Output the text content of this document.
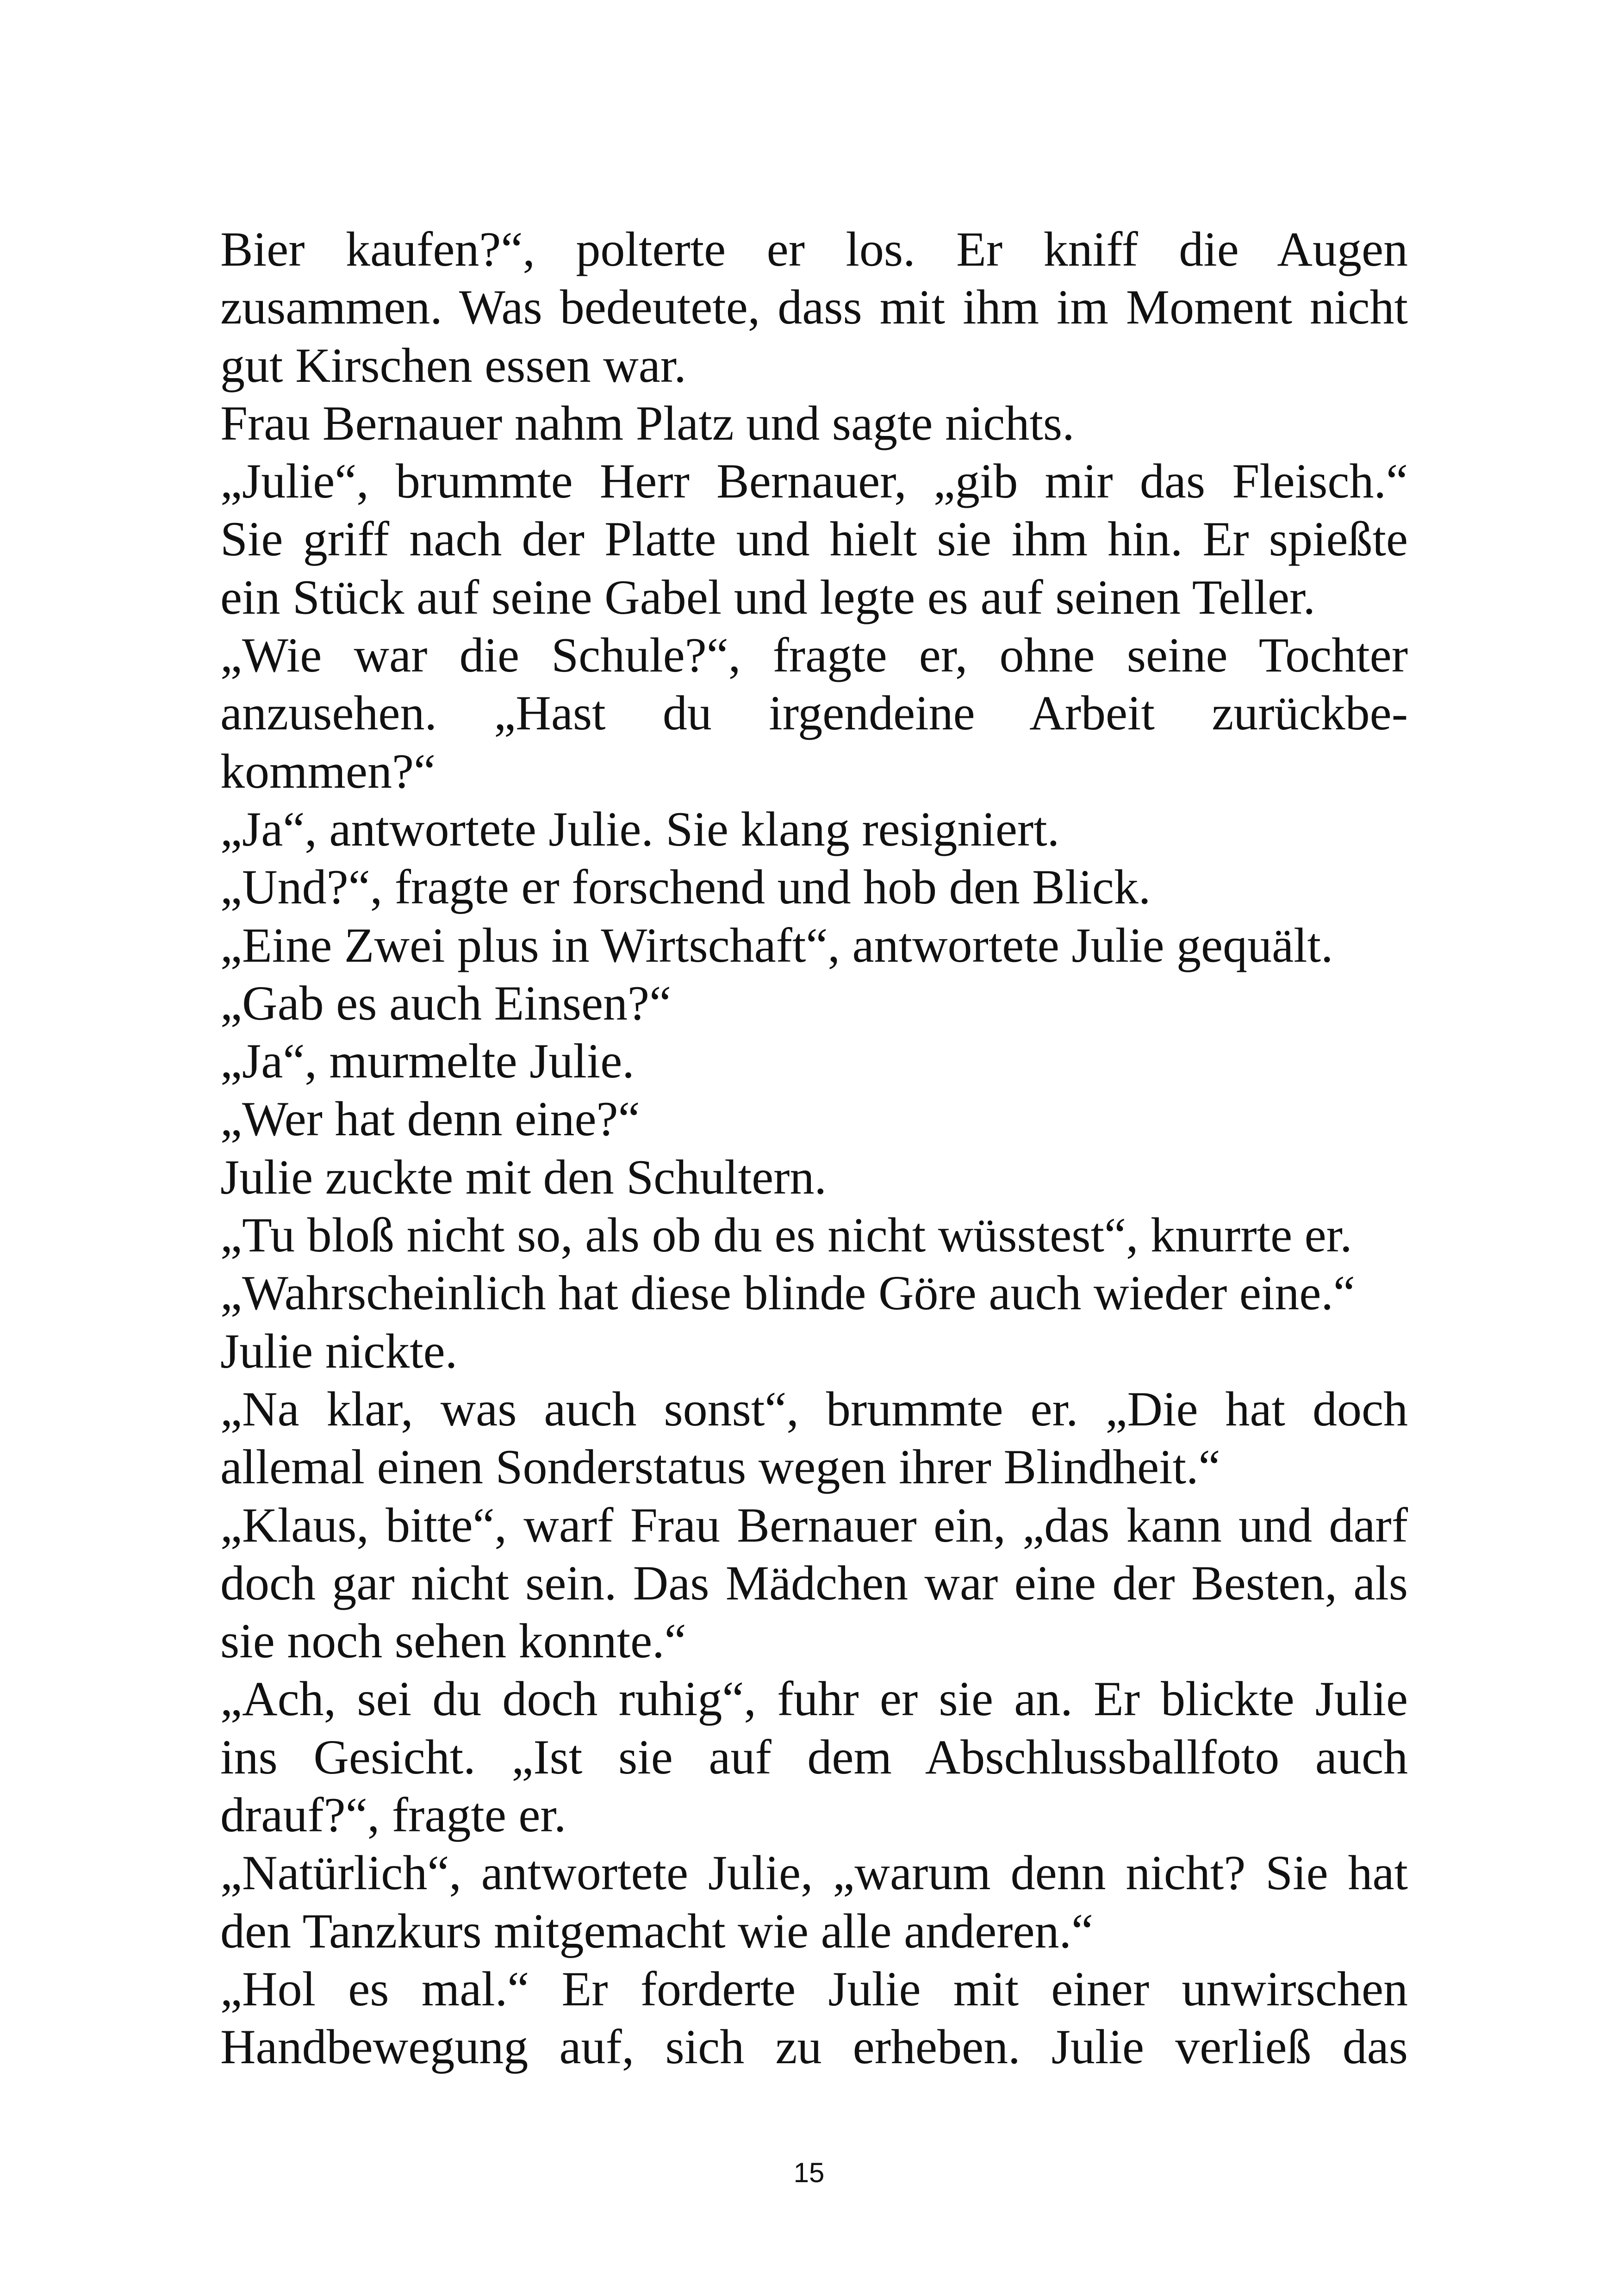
Bier kaufen?“, polterte er los. Er kniff die Augen
zusammen. Was bedeutete, dass mit ihm im Moment nicht
gut Kirschen essen war.
Frau Bernauer nahm Platz und sagte nichts.
„Julie“, brummte Herr Bernauer, „gib mir das Fleisch.“
Sie griff nach der Platte und hielt sie ihm hin. Er spießte
ein Stück auf seine Gabel und legte es auf seinen Teller.
„Wie war die Schule?“, fragte er, ohne seine Tochter
anzusehen. „Hast du irgendeine Arbeit zurückbe-
kommen?“
„Ja“, antwortete Julie. Sie klang resigniert.
„Und?“, fragte er forschend und hob den Blick.
„Eine Zwei plus in Wirtschaft“, antwortete Julie gequält.
„Gab es auch Einsen?“
„Ja“, murmelte Julie.
„Wer hat denn eine?“
Julie zuckte mit den Schultern.
„Tu bloß nicht so, als ob du es nicht wüsstest“, knurrte er.
„Wahrscheinlich hat diese blinde Göre auch wieder eine.“
Julie nickte.
„Na klar, was auch sonst“, brummte er. „Die hat doch
allemal einen Sonderstatus wegen ihrer Blindheit.“
„Klaus, bitte“, warf Frau Bernauer ein, „das kann und darf
doch gar nicht sein. Das Mädchen war eine der Besten, als
sie noch sehen konnte.“
„Ach, sei du doch ruhig“, fuhr er sie an. Er blickte Julie
ins Gesicht. „Ist sie auf dem Abschlussballfoto auch
drauf?“, fragte er.
„Natürlich“, antwortete Julie, „warum denn nicht? Sie hat
den Tanzkurs mitgemacht wie alle anderen.“
„Hol es mal.“ Er forderte Julie mit einer unwirschen
Handbewegung auf, sich zu erheben. Julie verließ das
15
